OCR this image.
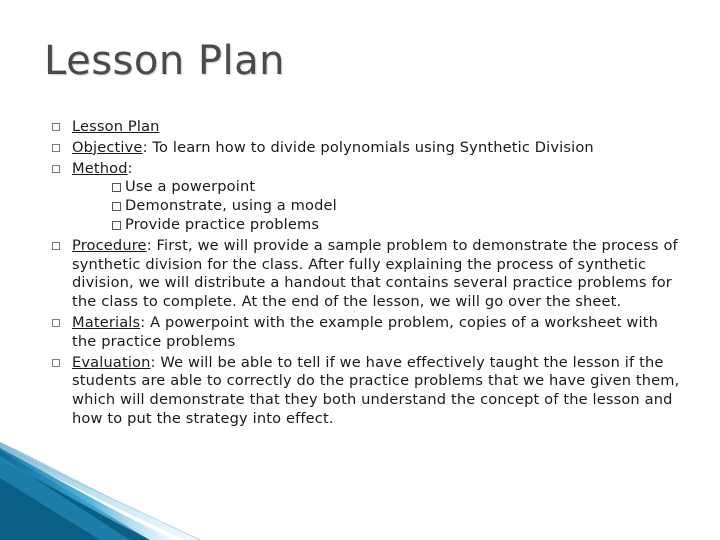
Lesson Plan
Lesson Plan
Objective: To learn how to divide polynomials using Synthetic Division
Method:
Use a powerpoint
Demonstrate, using a model
Provide practice problems
Procedure: First, we will provide a sample problem to demonstrate the process of synthetic division for the class. After fully explaining the process of synthetic division, we will distribute a handout that contains several practice problems for the class to complete. At the end of the lesson, we will go over the sheet.
Materials: A powerpoint with the example problem, copies of a worksheet with the practice problems
Evaluation: We will be able to tell if we have effectively taught the lesson if the students are able to correctly do the practice problems that we have given them, which will demonstrate that they both understand the concept of the lesson and how to put the strategy into effect.
